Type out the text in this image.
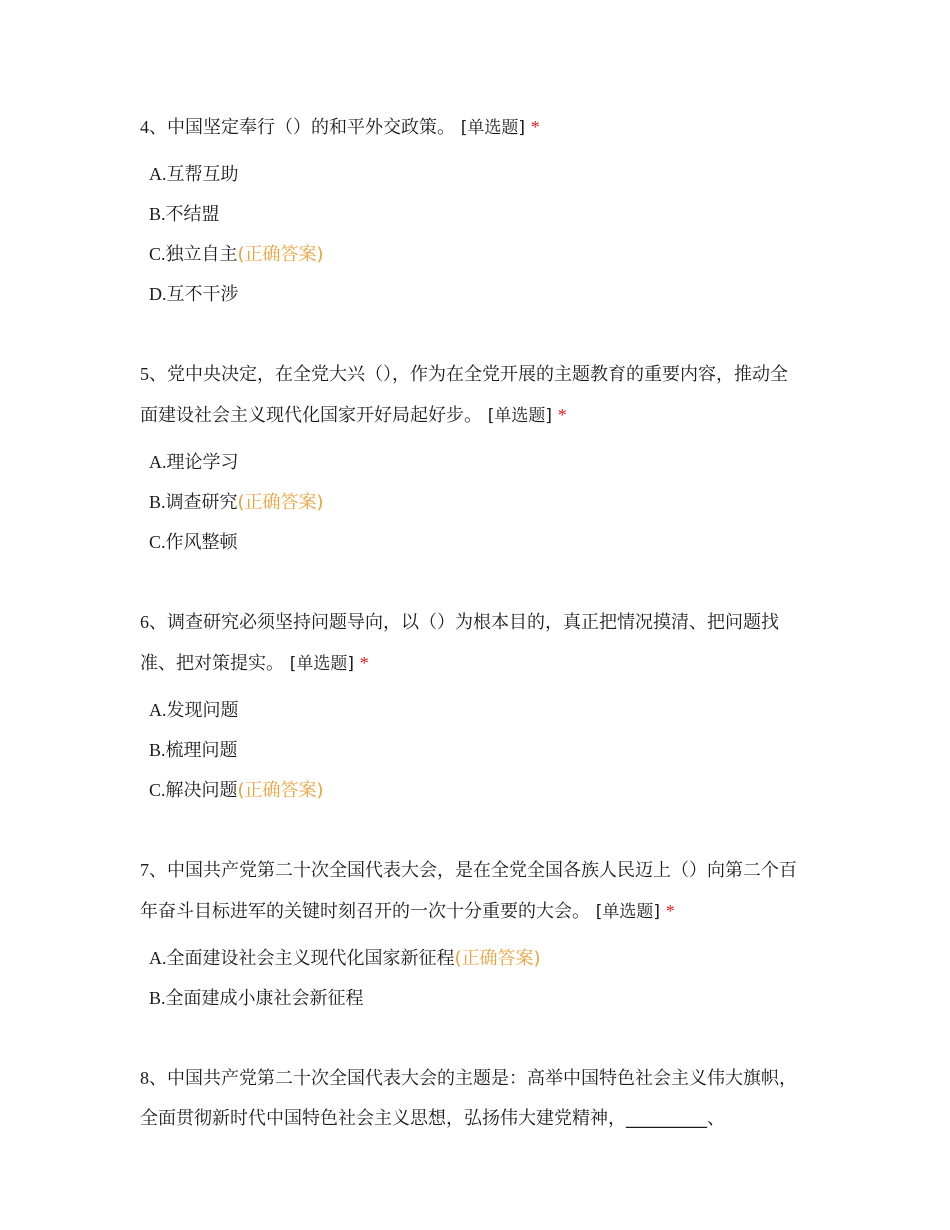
4、中国坚定奉行（）的和平外交政策。 [单选题] *

A.互帮互助
B.不结盟
C.独立自主(正确答案)
D.互不干涉

5、党中央决定，在全党大兴（），作为在全党开展的主题教育的重要内容，推动全面建设社会主义现代化国家开好局起好步。 [单选题] *

A.理论学习
B.调查研究(正确答案)
C.作风整顿

6、调查研究必须坚持问题导向，以（）为根本目的，真正把情况摸清、把问题找准、把对策提实。 [单选题] *

A.发现问题
B.梳理问题
C.解决问题(正确答案)

7、中国共产党第二十次全国代表大会，是在全党全国各族人民迈上（）向第二个百年奋斗目标进军的关键时刻召开的一次十分重要的大会。 [单选题] *

A.全面建设社会主义现代化国家新征程(正确答案)
B.全面建成小康社会新征程

8、中国共产党第二十次全国代表大会的主题是：高举中国特色社会主义伟大旗帜，全面贯彻新时代中国特色社会主义思想，弘扬伟大建党精神，_________、
